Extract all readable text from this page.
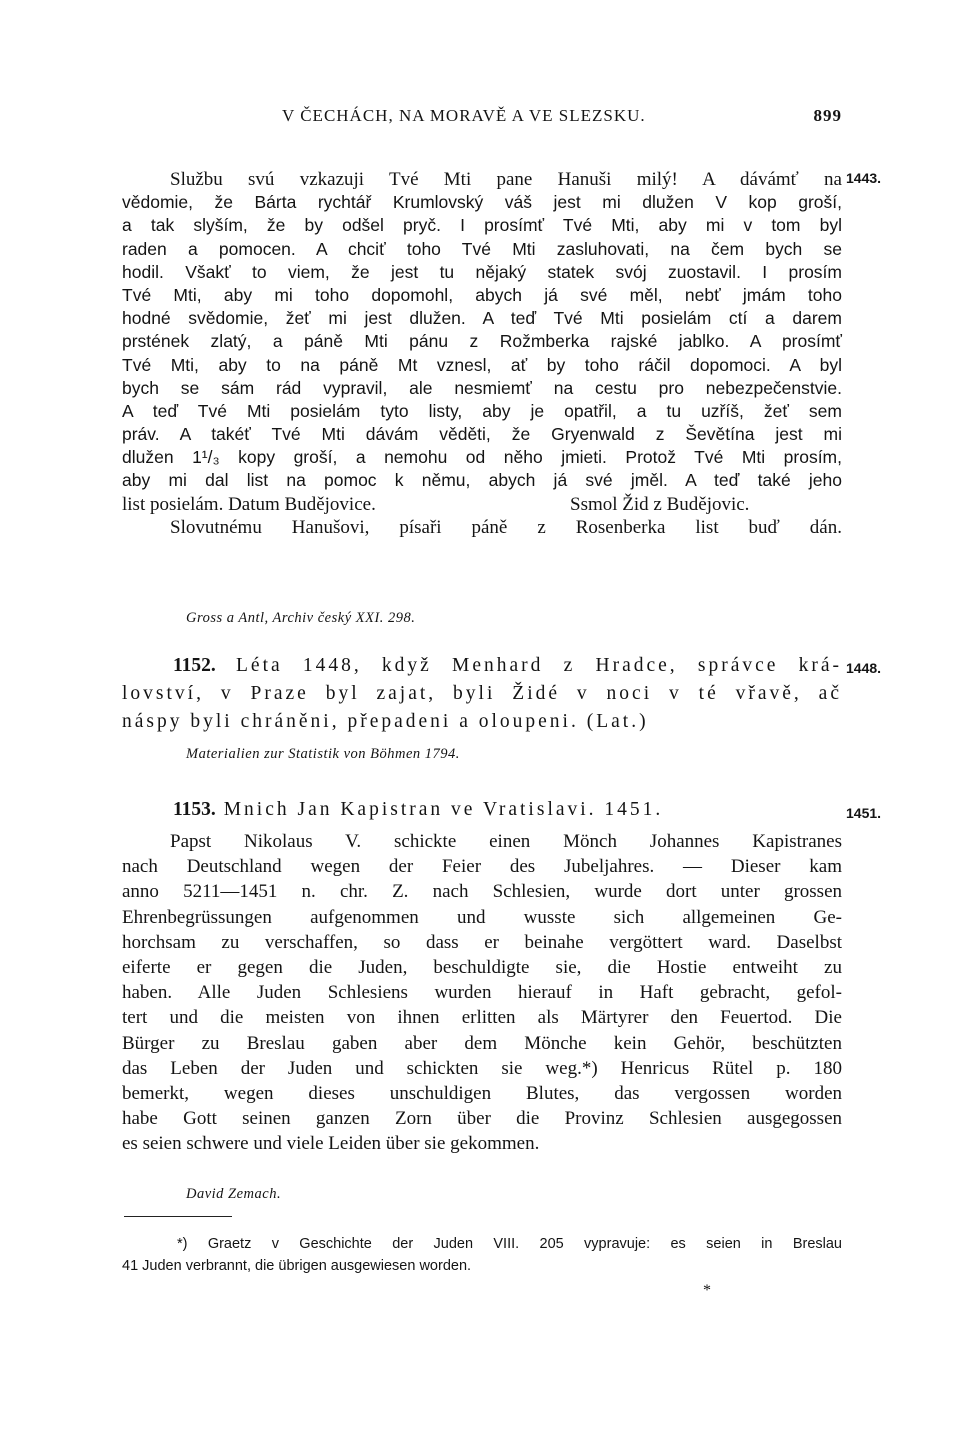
V ČECHÁCH, NA MORAVĚ A VE SLEZSKU.	899
1443.
Službu svú vzkazuji Tvé Mti pane Hanuši milý! A dávámť na
vědomie, že Bárta rychtář Krumlovský váš jest mi dlužen V kop groší,
a tak slyším, že by odšel pryč. I prosímť Tvé Mti, aby mi v tom byl
raden a pomocen. A chciť toho Tvé Mti zasluhovati, na čem bych se
hodil. Všakť to viem, že jest tu nějaký statek svój zuostavil. I prosím
Tvé Mti, aby mi toho dopomohl, abych já své měl, nebť jmám toho
hodné svědomie, žeť mi jest dlužen. A teď Tvé Mti posielám ctí a darem
prstének zlatý, a páně Mti pánu z Rožmberka rajské jablko. A prosímť
Tvé Mti, aby to na páně Mt vznesl, ať by toho ráčil dopomoci. A byl
bych se sám rád vypravil, ale nesmiemť na cestu pro nebezpečenstvie.
A teď Tvé Mti posielám tyto listy, aby je opatřil, a tu uzříš, žeť sem
práv. A takéť Tvé Mti dávám věděti, že Gryenwald z Ševětína jest mi
dlužen 1¹/₃ kopy groší, a nemohu od něho jmieti. Protož Tvé Mti prosím,
aby mi dal list na pomoc k němu, abych já své jměl. A teď také jeho
list posielám. Datum Budějovice.	Ssmol Žid z Budějovic.
Slovutnému Hanušovi, písaři páně z Rosenberka list buď dán.
Gross a Antl, Archiv český XXI. 298.
1448.
1152. Léta 1448, když Menhard z Hradce, správce krá-
lovství, v Praze byl zajat, byli Židé v noci v té vřavě, ač
náspy byli chráněni, přepadeni a oloupeni. (Lat.)
Materialien zur Statistik von Böhmen 1794.
1451.
1153. Mnich Jan Kapistran ve Vratislavi. 1451.
Papst Nikolaus V. schickte einen Mönch Johannes Kapistranes
nach Deutschland wegen der Feier des Jubeljahres. — Dieser kam
anno 5211—1451 n. chr. Z. nach Schlesien, wurde dort unter grossen
Ehrenbegrüssungen aufgenommen und wusste sich allgemeinen Ge-
horchsam zu verschaffen, so dass er beinahe vergöttert ward. Daselbst
eiferte er gegen die Juden, beschuldigte sie, die Hostie entweiht zu
haben. Alle Juden Schlesiens wurden hierauf in Haft gebracht, gefol-
tert und die meisten von ihnen erlitten als Märtyrer den Feuertod. Die
Bürger zu Breslau gaben aber dem Mönche kein Gehör, beschützten
das Leben der Juden und schickten sie weg.*) Henricus Rütel p. 180
bemerkt, wegen dieses unschuldigen Blutes, das vergossen worden
habe Gott seinen ganzen Zorn über die Provinz Schlesien ausgegossen
es seien schwere und viele Leiden über sie gekommen.
David Zemach.
*) Graetz v Geschichte der Juden VIII. 205 vypravuje: es seien in Breslau
41 Juden verbrannt, die übrigen ausgewiesen worden.
*
